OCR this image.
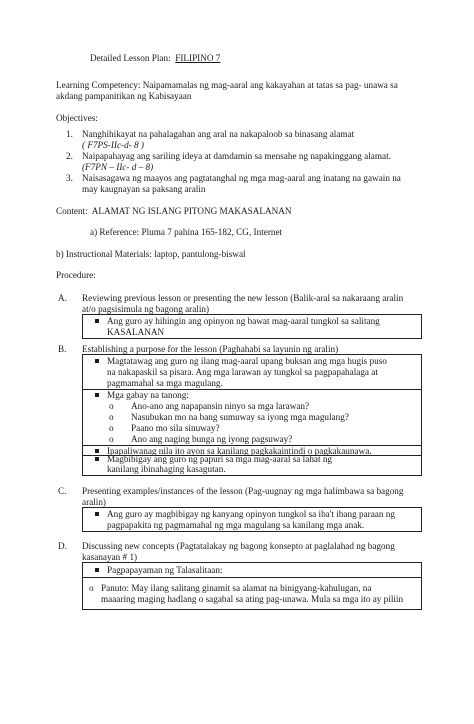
Detailed Lesson Plan: FILIPINO 7
Learning Competency: Naipamamalas ng mag-aaral ang kakayahan at tatas sa pag- unawa sa
akdang pampanitikan ng Kabisayaan
Objectives:
1. Nanghihikayat na pahalagahan ang aral na nakapaloob sa binasang alamat
( F7PS-IIc-d- 8 )
2. Naipapahayag ang sariling ideya at damdamin sa mensahe ng napakinggang alamat.
(F7PN – IIc- d – 8)
3. Naisasagawa ng maayos ang pagtatanghal ng mga mag-aaral ang inatang na gawain na
may kaugnayan sa paksang aralin
Content: ALAMAT NG ISLANG PITONG MAKASALANAN
a) Reference: Pluma 7 pahina 165-182, CG, Internet
b) Instructional Materials: laptop, pantulong-biswal
Procedure:
A. Reviewing previous lesson or presenting the new lesson (Balik-aral sa nakaraang aralin
at/o pagsisimula ng bagong aralin)
Ang guro ay hihingin ang opinyon ng bawat mag-aaral tungkol sa salitang
KASALANAN
B. Establishing a purpose for the lesson (Paghahabi sa layunin ng aralin)
Magtatawag ang guro ng ilang mag-aaral upang buksan ang mga hugis puso
na nakapaskil sa pisara. Ang mga larawan ay tungkol sa pagpapahalaga at
pagmamahal sa mga magulang.
Mga gabay na tanong:
o Ano-ano ang napapansin ninyo sa mga larawan?
o Nasubukan mo na bang sumuway sa iyong mga magulang?
o Paano mo sila sinuway?
o Ano ang naging bunga ng iyong pagsuway?
Ipapaliwanag nila ito ayon sa kanilang pagkakaintindi o pagkakaunawa.
Magbibigay ang guro ng papuri sa mga mag-aaral sa lahat ng
kanilang ibinahaging kasagutan.
C. Presenting examples/instances of the lesson (Pag-uugnay ng mga halimbawa sa bagong
aralin)
Ang guro ay magbibigay ng kanyang opinyon tungkol sa iba't ibang paraan ng
pagpapakita ng pagmamahal ng mga magulang sa kanilang mga anak.
D. Discussing new concepts (Pagtatalakay ng bagong konsepto at paglalahad ng bagong
kasanayan # 1)
Pagpapayaman ng Talasalitaan:
o Panuto: May ilang salitang ginamit sa alamat na binigyang-kahulugan, na
maaaring maging hadlang o sagabal sa ating pag-unawa. Mula sa mga ito ay piliin
